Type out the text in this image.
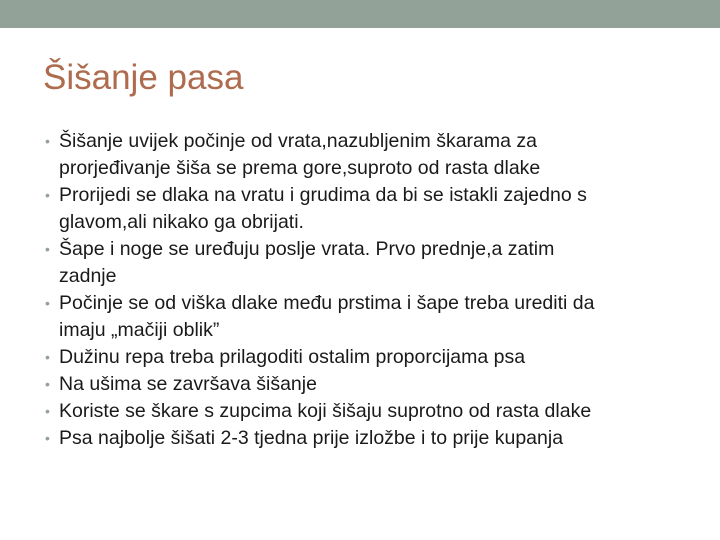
Šišanje pasa
• Šišanje uvijek počinje od vrata,nazubljenim škarama za
prorjeđivanje šiša se prema gore,suproto od rasta dlake
• Prorijedi se dlaka na vratu i grudima da bi se istakli zajedno s
glavom,ali nikako ga obrijati.
• Šape i noge se uređuju poslje vrata. Prvo prednje,a zatim
zadnje
• Počinje se od viška dlake među prstima i šape treba urediti da
imaju „mačiji oblik”
• Dužinu repa treba prilagoditi ostalim proporcijama psa
• Na ušima se završava šišanje
• Koriste se škare s zupcima koji šišaju suprotno od rasta dlake
• Psa najbolje šišati 2-3 tjedna prije izložbe i to prije kupanja
